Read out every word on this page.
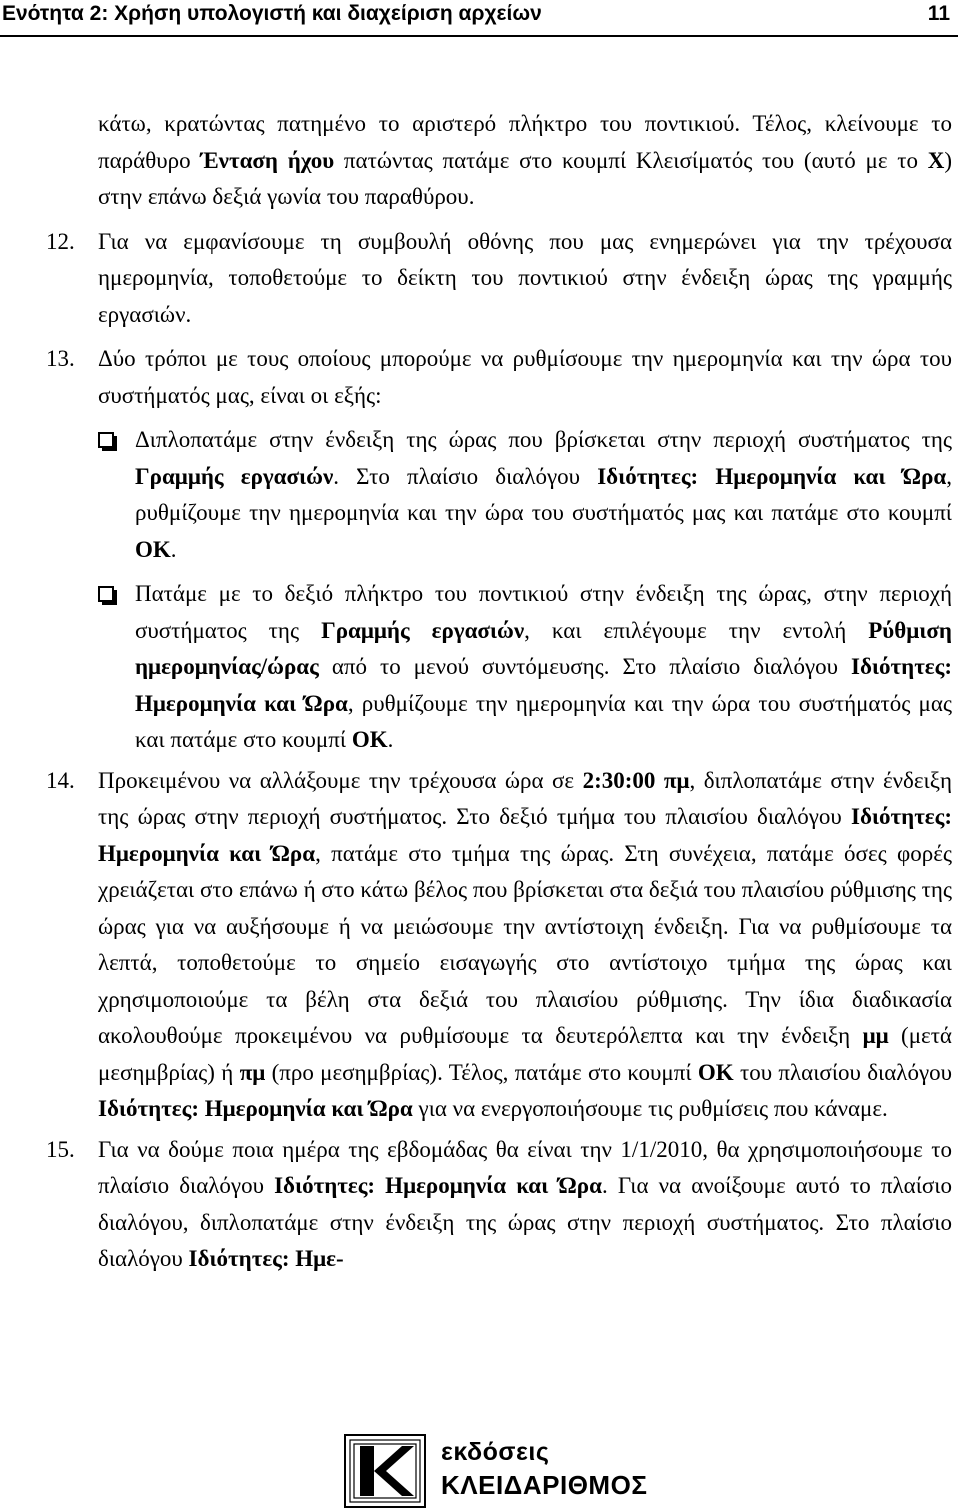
Ενότητα 2: Χρήση υπολογιστή και διαχείριση αρχείων	11
κάτω, κρατώντας πατημένο το αριστερό πλήκτρο του ποντικιού. Τέλος, κλείνουμε το παράθυρο Ένταση ήχου πατώντας πατάμε στο κουμπί Κλεισίματός του (αυτό με το X) στην επάνω δεξιά γωνία του παραθύρου.
12. Για να εμφανίσουμε τη συμβουλή οθόνης που μας ενημερώνει για την τρέχουσα ημερομηνία, τοποθετούμε το δείκτη του ποντικιού στην ένδειξη ώρας της γραμμής εργασιών.
13. Δύο τρόποι με τους οποίους μπορούμε να ρυθμίσουμε την ημερομηνία και την ώρα του συστήματός μας, είναι οι εξής:
Διπλοπατάμε στην ένδειξη της ώρας που βρίσκεται στην περιοχή συστήματος της Γραμμής εργασιών. Στο πλαίσιο διαλόγου Ιδιότητες: Ημερομηνία και Ώρα, ρυθμίζουμε την ημερομηνία και την ώρα του συστήματός μας και πατάμε στο κουμπί OK.
Πατάμε με το δεξιό πλήκτρο του ποντικιού στην ένδειξη της ώρας, στην περιοχή συστήματος της Γραμμής εργασιών, και επιλέγουμε την εντολή Ρύθμιση ημερομηνίας/ώρας από το μενού συντόμευσης. Στο πλαίσιο διαλόγου Ιδιότητες: Ημερομηνία και Ώρα, ρυθμίζουμε την ημερομηνία και την ώρα του συστήματός μας και πατάμε στο κουμπί OK.
14. Προκειμένου να αλλάξουμε την τρέχουσα ώρα σε 2:30:00 πμ, διπλοπατάμε στην ένδειξη της ώρας στην περιοχή συστήματος. Στο δεξιό τμήμα του πλαισίου διαλόγου Ιδιότητες: Ημερομηνία και Ώρα, πατάμε στο τμήμα της ώρας. Στη συνέχεια, πατάμε όσες φορές χρειάζεται στο επάνω ή στο κάτω βέλος που βρίσκεται στα δεξιά του πλαισίου ρύθμισης της ώρας για να αυξήσουμε ή να μειώσουμε την αντίστοιχη ένδειξη. Για να ρυθμίσουμε τα λεπτά, τοποθετούμε το σημείο εισαγωγής στο αντίστοιχο τμήμα της ώρας και χρησιμοποιούμε τα βέλη στα δεξιά του πλαισίου ρύθμισης. Την ίδια διαδικασία ακολουθούμε προκειμένου να ρυθμίσουμε τα δευτερόλεπτα και την ένδειξη μμ (μετά μεσημβρίας) ή πμ (προ μεσημβρίας). Τέλος, πατάμε στο κουμπί OK του πλαισίου διαλόγου Ιδιότητες: Ημερομηνία και Ώρα για να ενεργοποιήσουμε τις ρυθμίσεις που κάναμε.
15. Για να δούμε ποια ημέρα της εβδομάδας θα είναι την 1/1/2010, θα χρησιμοποιήσουμε το πλαίσιο διαλόγου Ιδιότητες: Ημερομηνία και Ώρα. Για να ανοίξουμε αυτό το πλαίσιο διαλόγου, διπλοπατάμε στην ένδειξη της ώρας στην περιοχή συστήματος. Στο πλαίσιο διαλόγου Ιδιότητες: Ημε-
εκδόσεις
ΚΛΕΙΔΑΡΙΘΜΟΣ
